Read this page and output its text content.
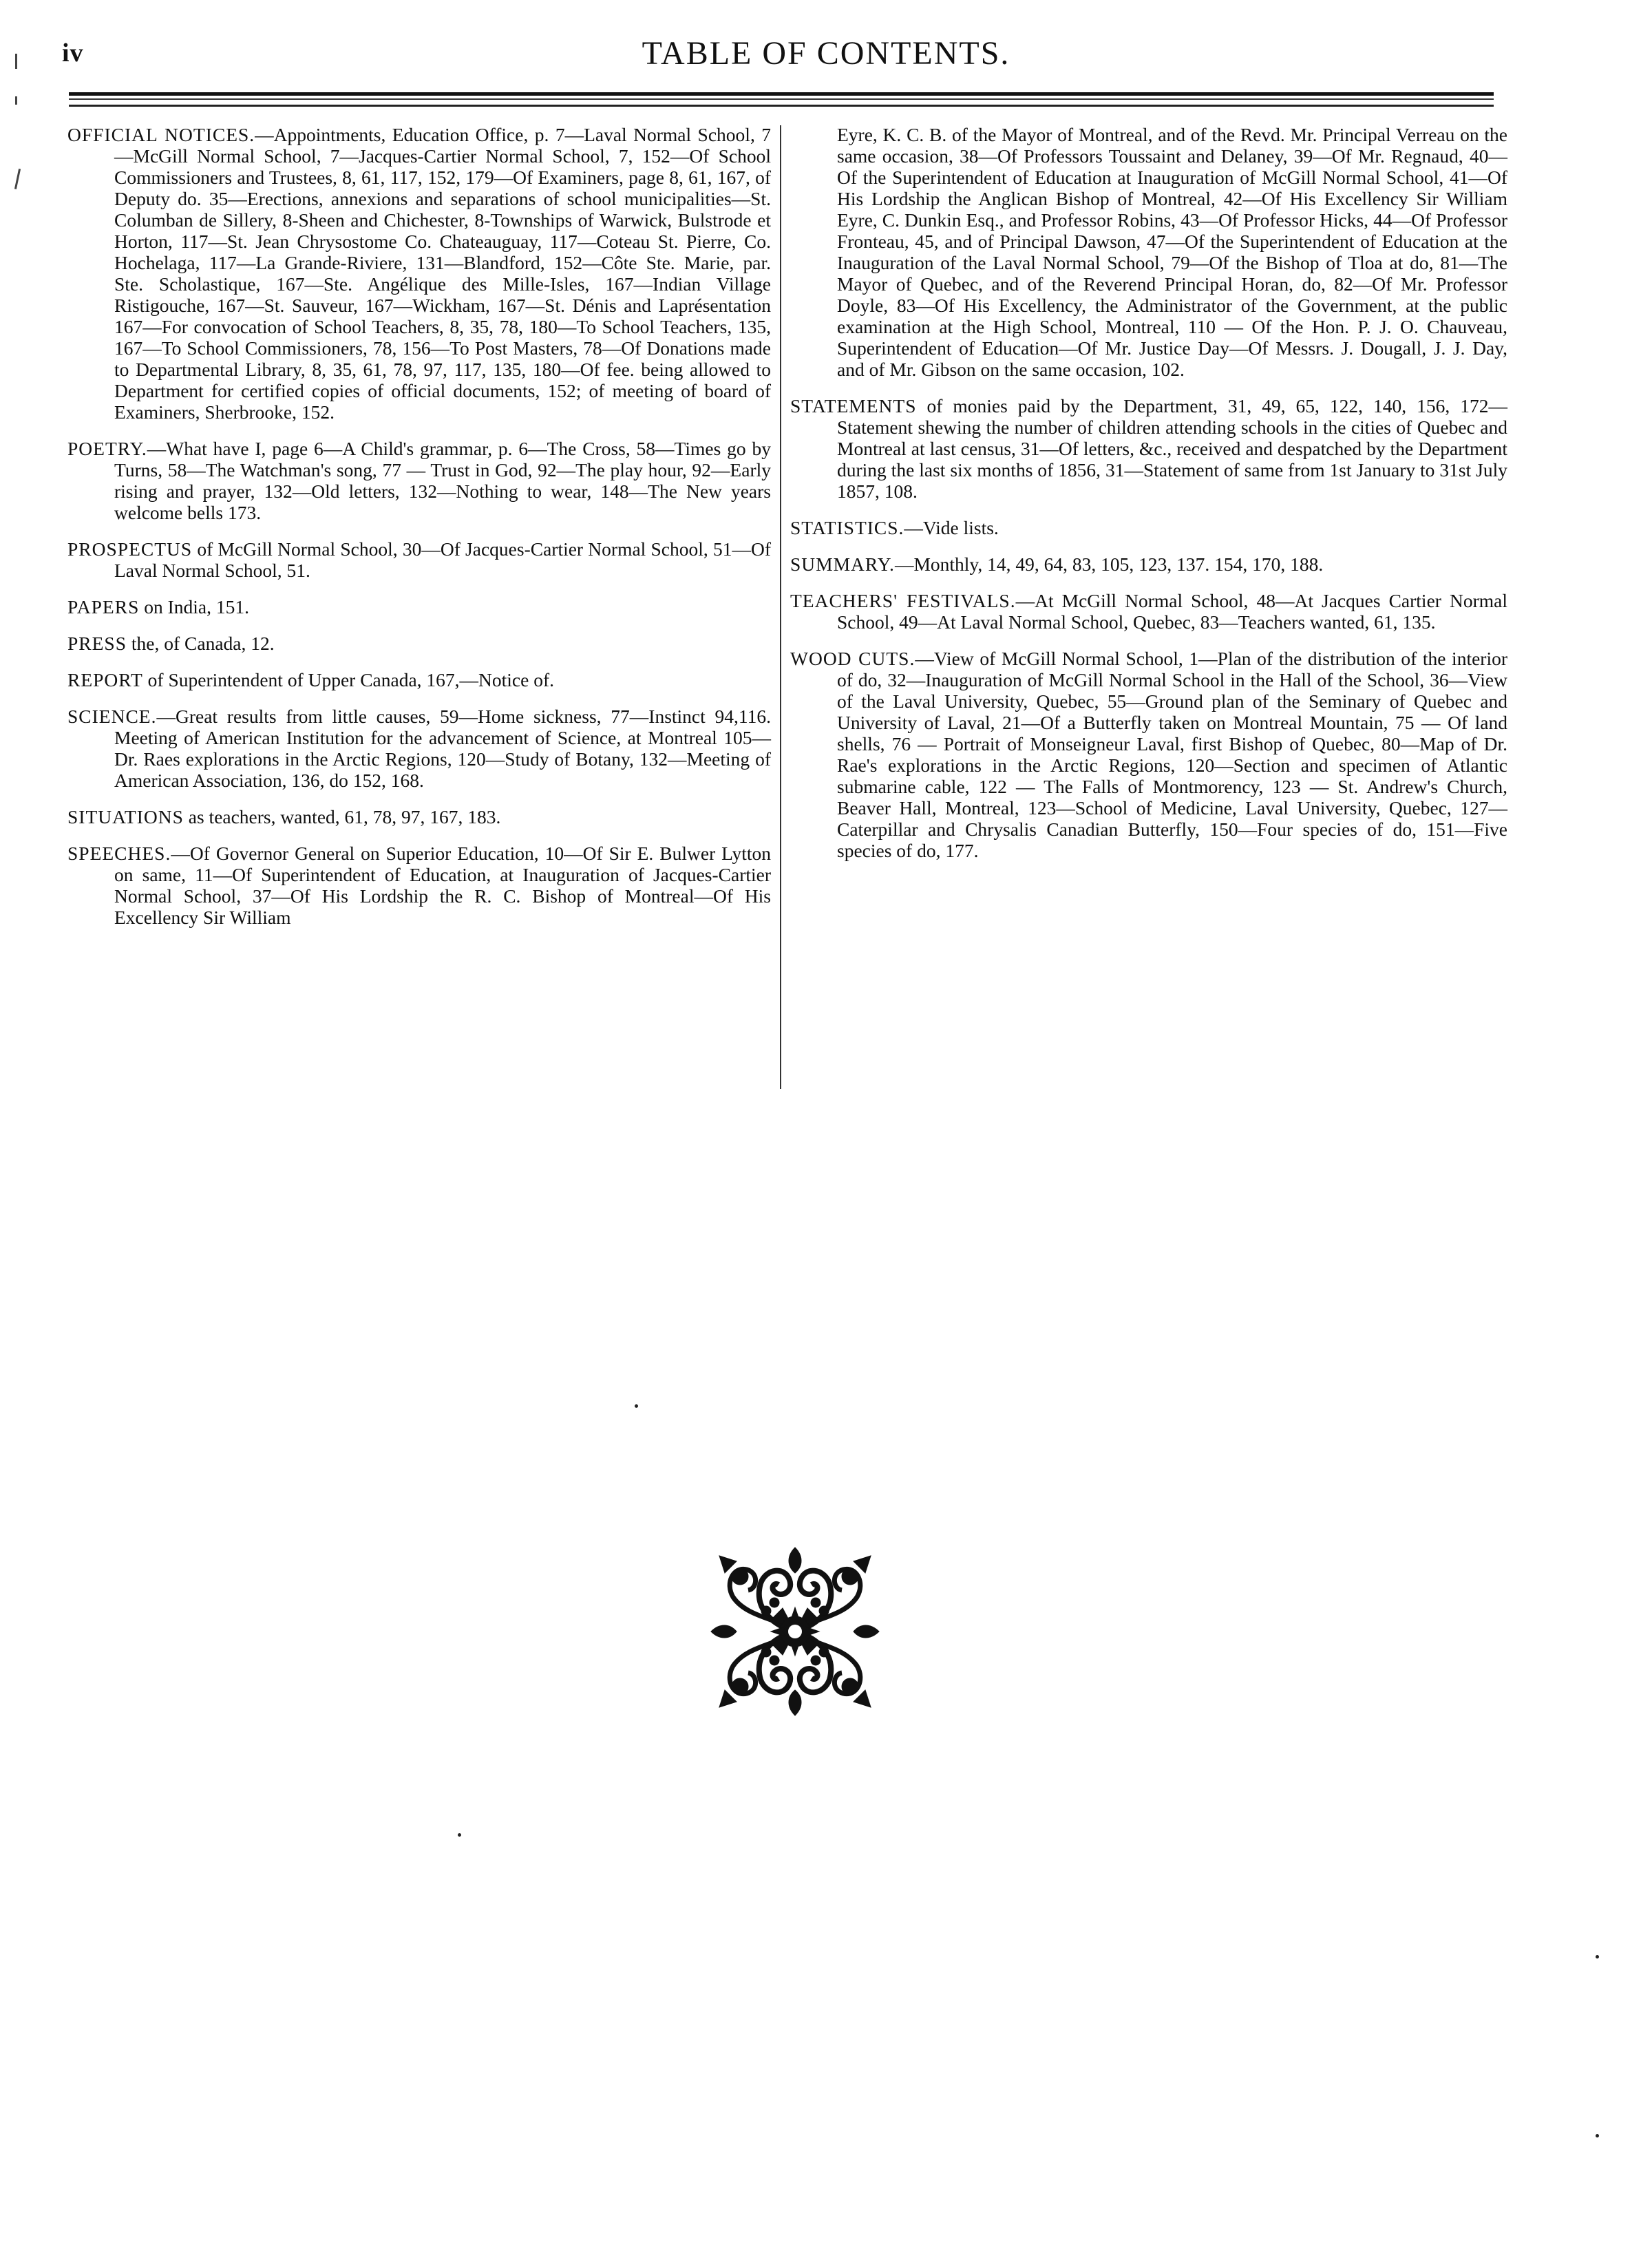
iv	TABLE OF CONTENTS.

OFFICIAL NOTICES.—Appointments, Education Office, p. 7—Laval Normal School, 7—McGill Normal School, 7—Jacques-Cartier Normal School, 7, 152—Of School Commissioners and Trustees, 8, 61, 117, 152, 179—Of Examiners, page 8, 61, 167, of Deputy do. 35—Erections, annexions and separations of school municipalities—St. Columban de Sillery, 8-Sheen and Chichester, 8-Townships of Warwick, Bulstrode et Horton, 117—St. Jean Chrysostome Co. Chateauguay, 117—Coteau St. Pierre, Co. Hochelaga, 117—La Grande-Riviere, 131—Blandford, 152—Côte Ste. Marie, par. Ste. Scholastique, 167—Ste. Angélique des Mille-Isles, 167—Indian Village Ristigouche, 167—St. Sauveur, 167—Wickham, 167—St. Dénis and Laprésentation 167—For convocation of School Teachers, 8, 35, 78, 180—To School Teachers, 135, 167—To School Commissioners, 78, 156—To Post Masters, 78—Of Donations made to Departmental Library, 8, 35, 61, 78, 97, 117, 135, 180—Of fee. being allowed to Department for certified copies of official documents, 152; of meeting of board of Examiners, Sherbrooke, 152.

POETRY.—What have I, page 6—A Child's grammar, p. 6—The Cross, 58—Times go by Turns, 58—The Watchman's song, 77 — Trust in God, 92—The play hour, 92—Early rising and prayer, 132—Old letters, 132—Nothing to wear, 148—The New years welcome bells 173.

PROSPECTUS of McGill Normal School, 30—Of Jacques-Cartier Normal School, 51—Of Laval Normal School, 51.

PAPERS on India, 151.

PRESS the, of Canada, 12.

REPORT of Superintendent of Upper Canada, 167,—Notice of.

SCIENCE.—Great results from little causes, 59—Home sickness, 77—Instinct 94,116. Meeting of American Institution for the advancement of Science, at Montreal 105—Dr. Raes explorations in the Arctic Regions, 120—Study of Botany, 132—Meeting of American Association, 136, do 152, 168.

SITUATIONS as teachers, wanted, 61, 78, 97, 167, 183.

SPEECHES.—Of Governor General on Superior Education, 10—Of Sir E. Bulwer Lytton on same, 11—Of Superintendent of Education, at Inauguration of Jacques-Cartier Normal School, 37—Of His Lordship the R. C. Bishop of Montreal—Of His Excellency Sir William

Eyre, K. C. B. of the Mayor of Montreal, and of the Revd. Mr. Principal Verreau on the same occasion, 38—Of Professors Toussaint and Delaney, 39—Of Mr. Regnaud, 40—Of the Superintendent of Education at Inauguration of McGill Normal School, 41—Of His Lordship the Anglican Bishop of Montreal, 42—Of His Excellency Sir William Eyre, C. Dunkin Esq., and Professor Robins, 43—Of Professor Hicks, 44—Of Professor Fronteau, 45, and of Principal Dawson, 47—Of the Superintendent of Education at the Inauguration of the Laval Normal School, 79—Of the Bishop of Tloa at do, 81—The Mayor of Quebec, and of the Reverend Principal Horan, do, 82—Of Mr. Professor Doyle, 83—Of His Excellency, the Administrator of the Government, at the public examination at the High School, Montreal, 110 — Of the Hon. P. J. O. Chauveau, Superintendent of Education—Of Mr. Justice Day—Of Messrs. J. Dougall, J. J. Day, and of Mr. Gibson on the same occasion, 102.

STATEMENTS of monies paid by the Department, 31, 49, 65, 122, 140, 156, 172—Statement shewing the number of children attending schools in the cities of Quebec and Montreal at last census, 31—Of letters, &c., received and despatched by the Department during the last six months of 1856, 31—Statement of same from 1st January to 31st July 1857, 108.

STATISTICS.—Vide lists.

SUMMARY.—Monthly, 14, 49, 64, 83, 105, 123, 137. 154, 170, 188.

TEACHERS' FESTIVALS.—At McGill Normal School, 48—At Jacques Cartier Normal School, 49—At Laval Normal School, Quebec, 83—Teachers wanted, 61, 135.

WOOD CUTS.—View of McGill Normal School, 1—Plan of the distribution of the interior of do, 32—Inauguration of McGill Normal School in the Hall of the School, 36—View of the Laval University, Quebec, 55—Ground plan of the Seminary of Quebec and University of Laval, 21—Of a Butterfly taken on Montreal Mountain, 75 — Of land shells, 76 — Portrait of Monseigneur Laval, first Bishop of Quebec, 80—Map of Dr. Rae's explorations in the Arctic Regions, 120—Section and specimen of Atlantic submarine cable, 122 — The Falls of Montmorency, 123 — St. Andrew's Church, Beaver Hall, Montreal, 123—School of Medicine, Laval University, Quebec, 127—Caterpillar and Chrysalis Canadian Butterfly, 150—Four species of do, 151—Five species of do, 177.
